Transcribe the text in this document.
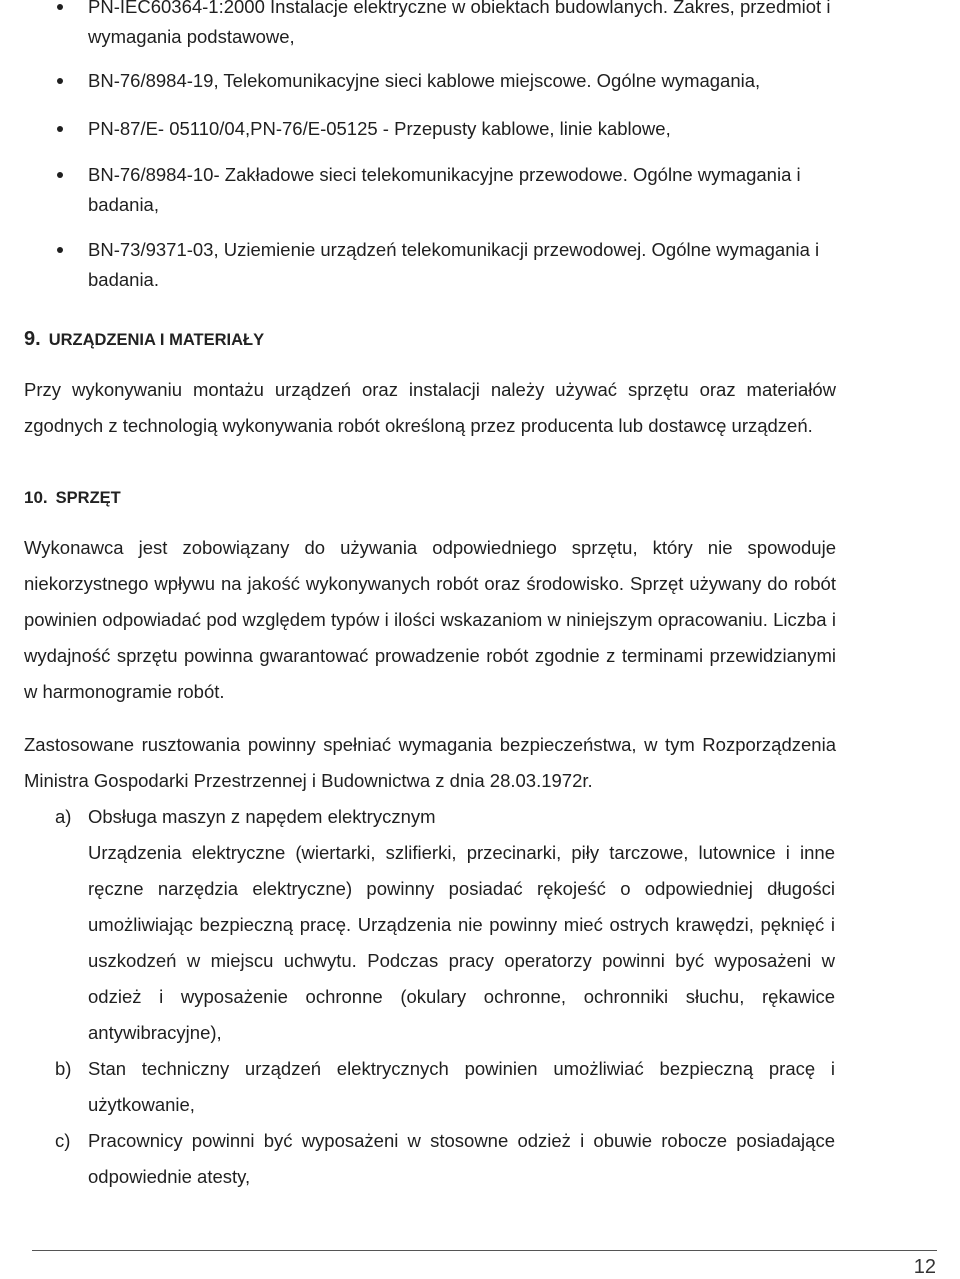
PN-IEC60364-1:2000 Instalacje elektryczne w obiektach budowlanych. Zakres, przedmiot i wymagania podstawowe,
BN-76/8984-19, Telekomunikacyjne sieci kablowe miejscowe. Ogólne wymagania,
PN-87/E- 05110/04,PN-76/E-05125 - Przepusty kablowe, linie kablowe,
BN-76/8984-10- Zakładowe sieci telekomunikacyjne przewodowe. Ogólne wymagania i badania,
BN-73/9371-03, Uziemienie urządzeń telekomunikacji przewodowej. Ogólne wymagania i badania.
9. URZĄDZENIA I MATERIAŁY

Przy wykonywaniu montażu urządzeń oraz instalacji należy używać sprzętu oraz materiałów zgodnych z technologią wykonywania robót określoną przez producenta lub dostawcę urządzeń.

10. SPRZĘT

Wykonawca jest zobowiązany do używania odpowiedniego sprzętu, który nie spowoduje niekorzystnego wpływu na jakość wykonywanych robót oraz środowisko. Sprzęt używany do robót powinien odpowiadać pod względem typów i ilości wskazaniom w niniejszym opracowaniu. Liczba i wydajność sprzętu powinna gwarantować prowadzenie robót zgodnie z terminami przewidzianymi w harmonogramie robót.

Zastosowane rusztowania powinny spełniać wymagania bezpieczeństwa, w tym Rozporządzenia Ministra Gospodarki Przestrzennej i Budownictwa z dnia 28.03.1972r.

a) Obsługa maszyn z napędem elektrycznym
Urządzenia elektryczne (wiertarki, szlifierki, przecinarki, piły tarczowe, lutownice i inne ręczne narzędzia elektryczne) powinny posiadać rękojeść o odpowiedniej długości umożliwiając bezpieczną pracę. Urządzenia nie powinny mieć ostrych krawędzi, pęknięć i uszkodzeń w miejscu uchwytu. Podczas pracy operatorzy powinni być wyposażeni w odzież i wyposażenie ochronne (okulary ochronne, ochronniki słuchu, rękawice antywibracyjne),
b) Stan techniczny urządzeń elektrycznych powinien umożliwiać bezpieczną pracę i użytkowanie,
c) Pracownicy powinni być wyposażeni w stosowne odzież i obuwie robocze posiadające odpowiednie atesty,
12
